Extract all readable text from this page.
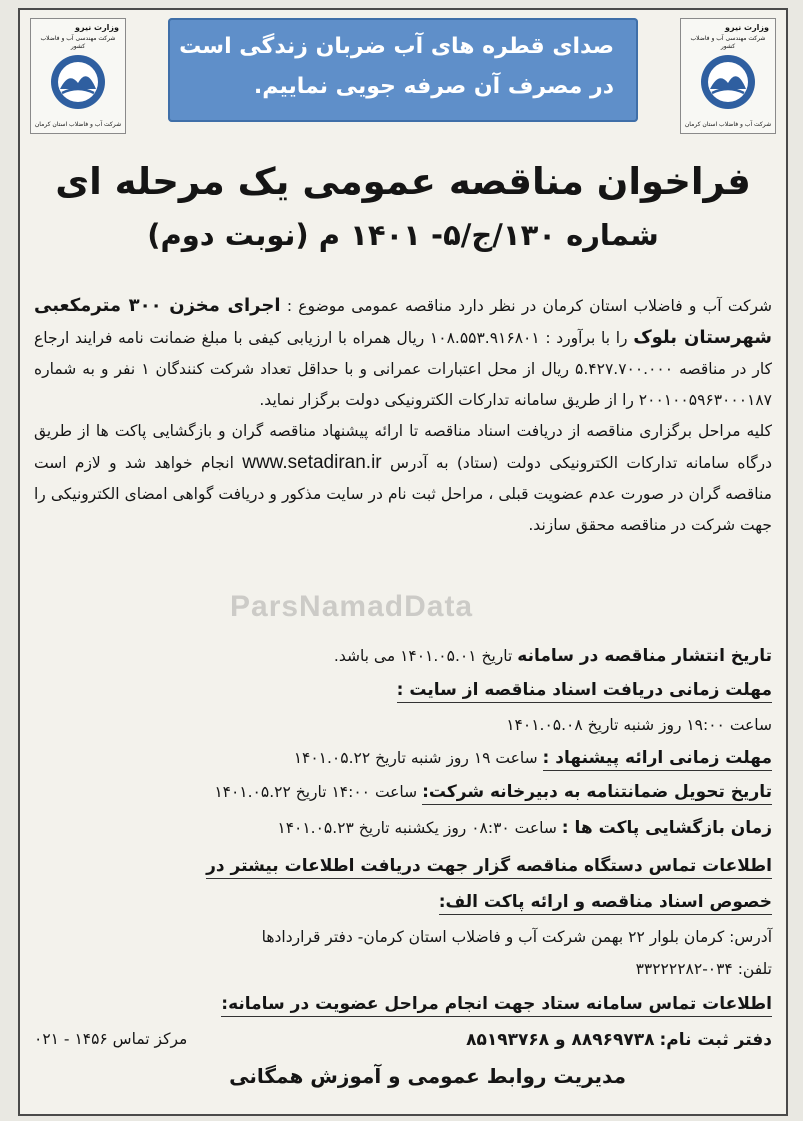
وزارت نیرو
شرکت مهندسی آب و فاضلاب کشور
شرکت آب و فاضلاب استان کرمان
وزارت نیرو
شرکت مهندسی آب و فاضلاب کشور
شرکت آب و فاضلاب استان کرمان
صدای قطره های آب ضربان زندگی است
در مصرف آن صرفه جویی نماییم.
فراخوان مناقصه عمومی یک مرحله ای
شماره ۱۳۰/ج/۵- ۱۴۰۱ م (نوبت دوم)

شرکت آب و فاضلاب استان کرمان در نظر دارد مناقصه عمومی موضوع : اجرای مخزن ۳۰۰ مترمکعبی شهرستان بلوک را با برآورد : ۱۰۸.۵۵۳.۹۱۶۸۰۱ ریال همراه با ارزیابی کیفی با مبلغ ضمانت نامه فرایند ارجاع کار در مناقصه ۵.۴۲۷.۷۰۰.۰۰۰ ریال از محل اعتبارات عمرانی و با حداقل تعداد شرکت کنندگان ۱ نفر و به شماره ۲۰۰۱۰۰۵۹۶۳۰۰۰۱۸۷ را از طریق سامانه تدارکات الکترونیکی دولت برگزار نماید.

کلیه مراحل برگزاری مناقصه از دریافت اسناد مناقصه تا ارائه پیشنهاد مناقصه گران و بازگشایی پاکت ها از طریق درگاه سامانه تدارکات الکترونیکی دولت (ستاد) به آدرس www.setadiran.ir انجام خواهد شد و لازم است مناقصه گران در صورت عدم عضویت قبلی ، مراحل ثبت نام در سایت مذکور و دریافت گواهی امضای الکترونیکی را جهت شرکت در مناقصه محقق سازند.

تاریخ انتشار مناقصه در سامانه تاریخ ۱۴۰۱.۰۵.۰۱ می باشد.
مهلت زمانی دریافت اسناد مناقصه از سایت :
ساعت ۱۹:۰۰ روز شنبه تاریخ ۱۴۰۱.۰۵.۰۸
مهلت زمانی ارائه پیشنهاد : ساعت ۱۹ روز شنبه تاریخ ۱۴۰۱.۰۵.۲۲
تاریخ تحویل ضمانتنامه به دبیرخانه شرکت: ساعت ۱۴:۰۰ تاریخ ۱۴۰۱.۰۵.۲۲
زمان بازگشایی پاکت ها : ساعت ۰۸:۳۰ روز یکشنبه تاریخ ۱۴۰۱.۰۵.۲۳
اطلاعات تماس دستگاه مناقصه گزار جهت دریافت اطلاعات بیشتر در
خصوص اسناد مناقصه و ارائه پاکت الف:
آدرس: کرمان بلوار ۲۲ بهمن شرکت آب و فاضلاب استان کرمان- دفتر قراردادها
تلفن: ۰۳۴-۳۳۲۲۲۲۸۲
اطلاعات تماس سامانه ستاد جهت انجام مراحل عضویت در سامانه:
دفتر ثبت نام: ۸۸۹۶۹۷۳۸ و ۸۵۱۹۳۷۶۸
مرکز تماس ۱۴۵۶ - ۰۲۱
مدیریت روابط عمومی و آموزش همگانی
ParsNamadData
